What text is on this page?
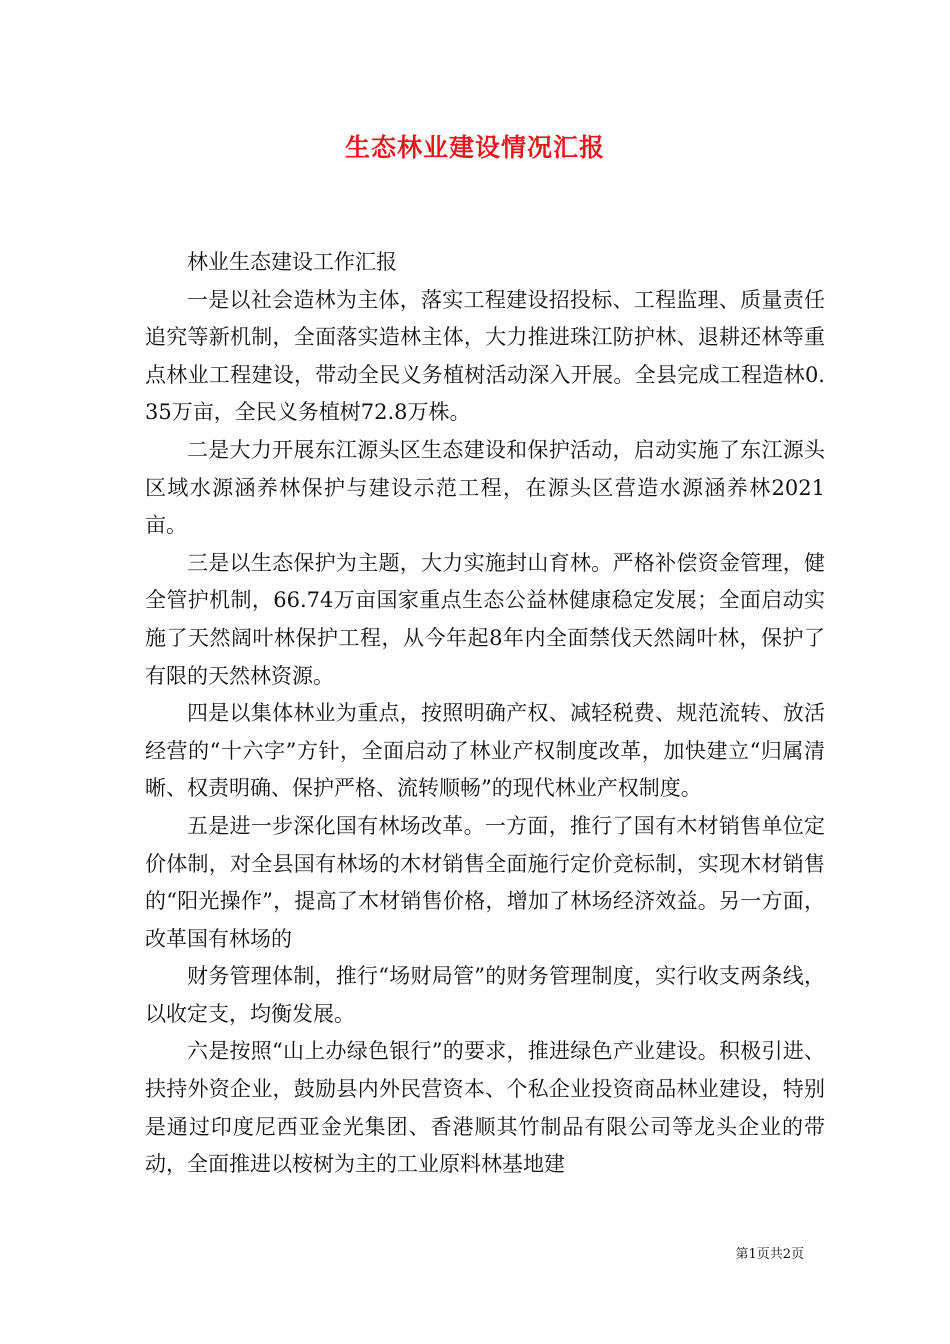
生态林业建设情况汇报

林业生态建设工作汇报

一是以社会造林为主体，落实工程建设招投标、工程监理、质量责任追究等新机制，全面落实造林主体，大力推进珠江防护林、退耕还林等重点林业工程建设，带动全民义务植树活动深入开展。全县完成工程造林0.35万亩，全民义务植树72.8万株。

二是大力开展东江源头区生态建设和保护活动，启动实施了东江源头区域水源涵养林保护与建设示范工程，在源头区营造水源涵养林2021亩。

三是以生态保护为主题，大力实施封山育林。严格补偿资金管理，健全管护机制，66.74万亩国家重点生态公益林健康稳定发展；全面启动实施了天然阔叶林保护工程，从今年起8年内全面禁伐天然阔叶林，保护了有限的天然林资源。

四是以集体林业为重点，按照明确产权、减轻税费、规范流转、放活经营的“十六字”方针，全面启动了林业产权制度改革，加快建立“归属清晰、权责明确、保护严格、流转顺畅”的现代林业产权制度。

五是进一步深化国有林场改革。一方面，推行了国有木材销售单位定价体制，对全县国有林场的木材销售全面施行定价竞标制，实现木材销售的“阳光操作”，提高了木材销售价格，增加了林场经济效益。另一方面，改革国有林场的

财务管理体制，推行“场财局管”的财务管理制度，实行收支两条线，以收定支，均衡发展。

六是按照“山上办绿色银行”的要求，推进绿色产业建设。积极引进、扶持外资企业，鼓励县内外民营资本、个私企业投资商品林业建设，特别是通过印度尼西亚金光集团、香港顺其竹制品有限公司等龙头企业的带动，全面推进以桉树为主的工业原料林基地建

第1页共2页
